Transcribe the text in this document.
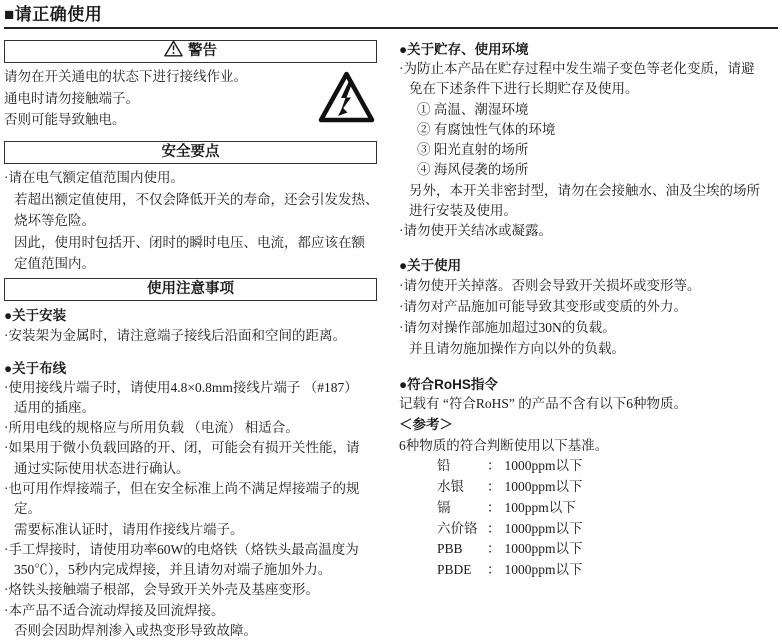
■请正确使用
警告
请勿在开关通电的状态下进行接线作业。
通电时请勿接触端子。
否则可能导致触电。
安全要点
·请在电气额定值范围内使用。
若超出额定值使用，不仅会降低开关的寿命，还会引发发热、
烧坏等危险。
因此，使用时包括开、闭时的瞬时电压、电流，都应该在额
定值范围内。
使用注意事项
●关于安装
·安装架为金属时，请注意端子接线后沿面和空间的距离。
●关于布线
·使用接线片端子时，请使用4.8×0.8mm接线片端子 （#187）
适用的插座。
·所用电线的规格应与所用负载 （电流） 相适合。
·如果用于微小负载回路的开、闭，可能会有损开关性能，请
通过实际使用状态进行确认。
·也可用作焊接端子，但在安全标准上尚不满足焊接端子的规
定。
需要标准认证时，请用作接线片端子。
·手工焊接时，请使用功率60W的电烙铁（烙铁头最高温度为
350℃），5秒内完成焊接，并且请勿对端子施加外力。
·烙铁头接触端子根部，会导致开关外壳及基座变形。
·本产品不适合流动焊接及回流焊接。
否则会因助焊剂渗入或热变形导致故障。
●关于贮存、使用环境
·为防止本产品在贮存过程中发生端子变色等老化变质，请避
免在下述条件下进行长期贮存及使用。
① 高温、潮湿环境
② 有腐蚀性气体的环境
③ 阳光直射的场所
④ 海风侵袭的场所
另外，本开关非密封型，请勿在会接触水、油及尘埃的场所
进行安装及使用。
·请勿使开关结冰或凝露。
●关于使用
·请勿使开关掉落。否则会导致开关损坏或变形等。
·请勿对产品施加可能导致其变形或变质的外力。
·请勿对操作部施加超过30N的负载。
并且请勿施加操作方向以外的负载。
●符合RoHS指令
记载有 “符合RoHS” 的产品不含有以下6种物质。
＜参考＞
6种物质的符合判断使用以下基准。
铅	： 1000ppm以下
水银 ： 1000ppm以下
镉	： 100ppm以下
六价铬 ： 1000ppm以下
PBB ： 1000ppm以下
PBDE ： 1000ppm以下
